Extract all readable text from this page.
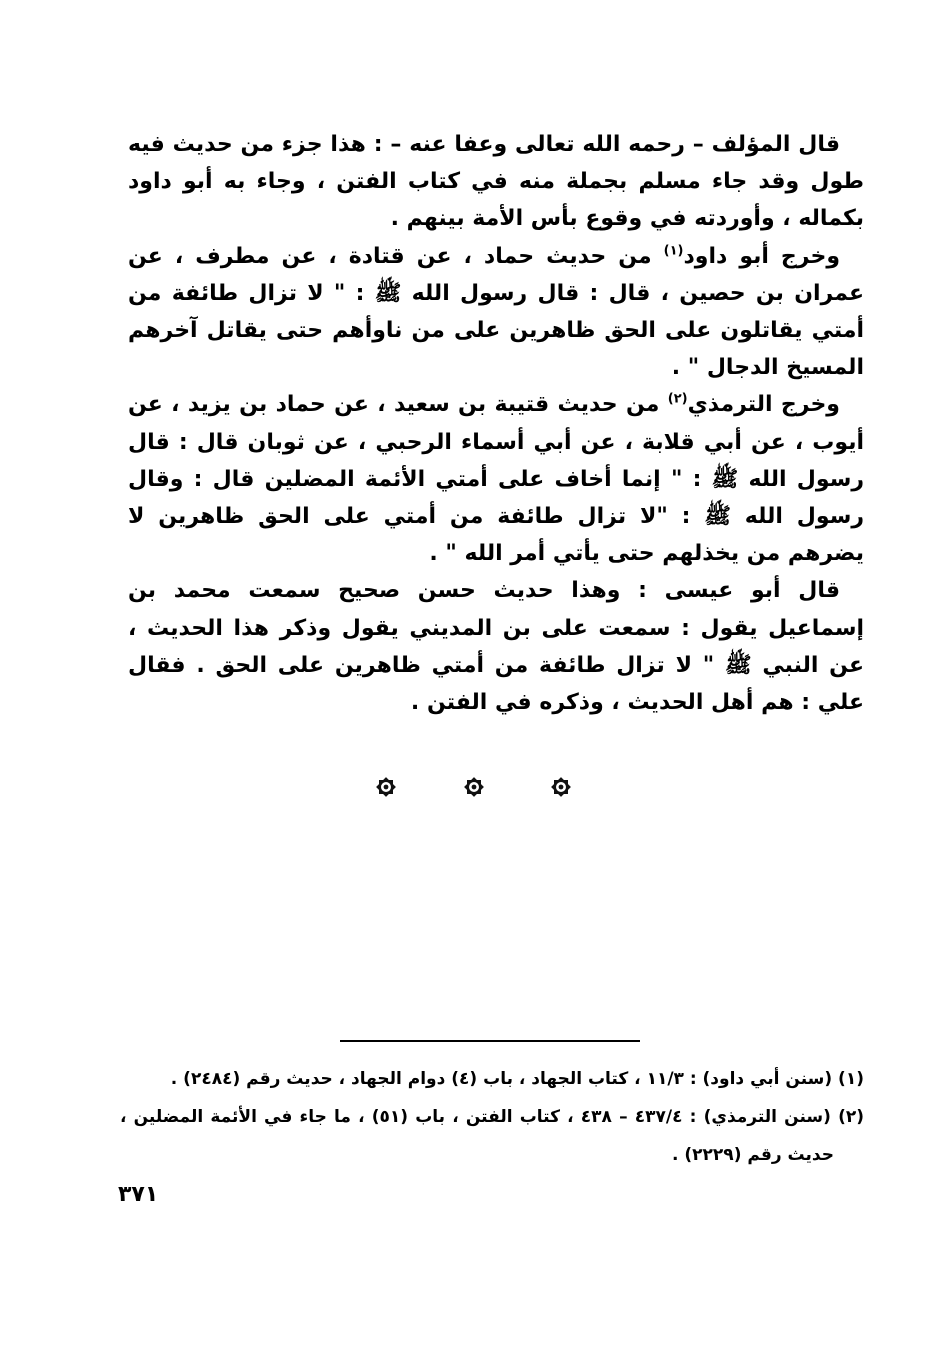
قال المؤلف – رحمه الله تعالى وعفا عنه – : هذا جزء من حديث فيه طول وقد جاء مسلم بجملة منه في كتاب الفتن ، وجاء به أبو داود بكماله ، وأوردته في وقوع بأس الأمة بينهم .

وخرج أبو داود$^{(١)}$ من حديث حماد ، عن قتادة ، عن مطرف ، عن عمران بن حصين ، قال : قال رسول الله ﷺ : " لا تزال طائفة من أمتي يقاتلون على الحق ظاهرين على من ناوأهم حتى يقاتل آخرهم المسيخ الدجال " .

وخرج الترمذي$^{(٢)}$ من حديث قتيبة بن سعيد ، عن حماد بن يزيد ، عن أيوب ، عن أبي قلابة ، عن أبي أسماء الرحبي ، عن ثوبان قال : قال رسول الله ﷺ : " إنما أخاف على أمتي الأئمة المضلين قال : وقال رسول الله ﷺ : "لا تزال طائفة من أمتي على الحق ظاهرين لا يضرهم من يخذلهم حتى يأتي أمر الله " .

قال أبو عيسى : وهذا حديث حسن صحيح سمعت محمد بن إسماعيل يقول : سمعت على بن المديني يقول وذكر هذا الحديث ، عن النبي ﷺ " لا تزال طائفة من أمتي ظاهرين على الحق . فقال علي : هم أهل الحديث ، وذكره في الفتن .

(١) (سنن أبي داود) : ١١/٣ ، كتاب الجهاد ، باب (٤) دوام الجهاد ، حديث رقم (٢٤٨٤) .

(٢) (سنن الترمذي) : ٤٣٧/٤ – ٤٣٨ ، كتاب الفتن ، باب (٥١) ، ما جاء في الأئمة المضلين ، حديث رقم (٢٢٢٩) .

٣٧١
